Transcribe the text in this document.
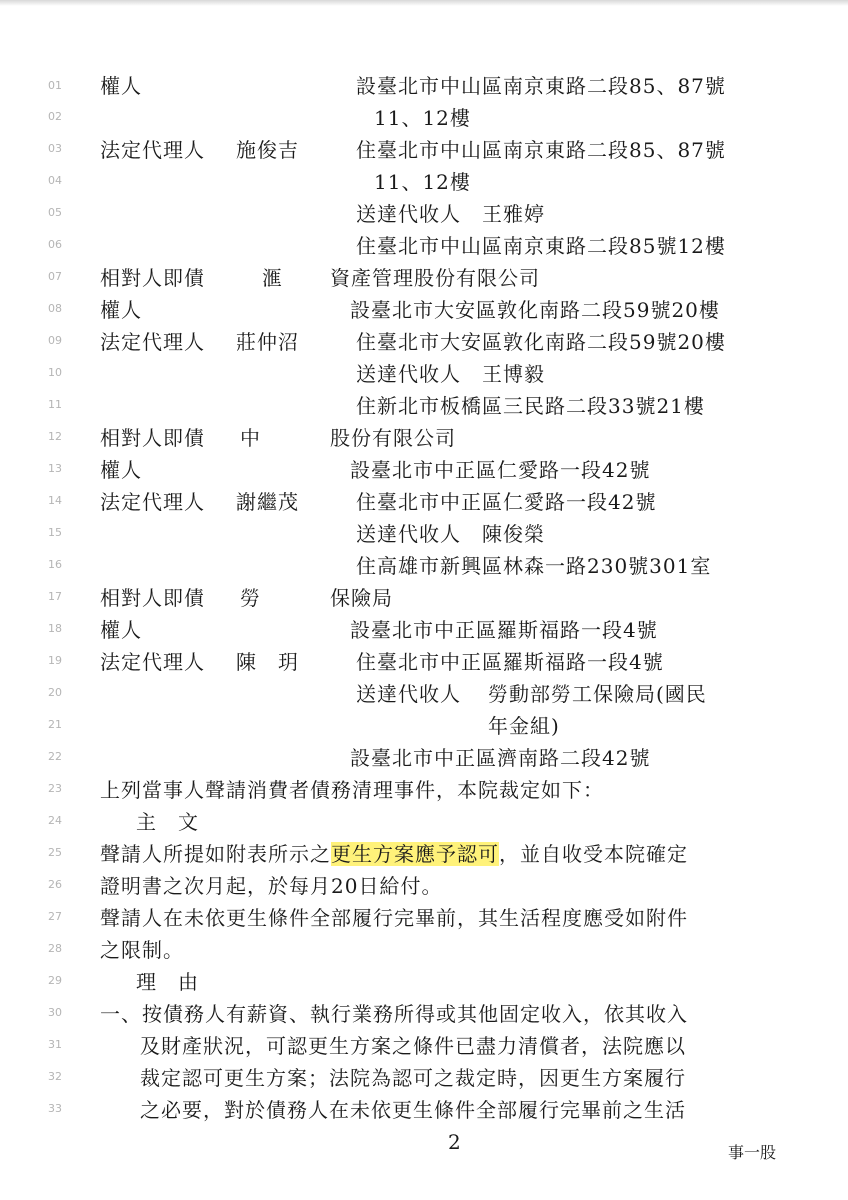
01
02
03
04
05
06
07
08
09
10
11
12
13
14
15
16
17
18
19
20
21
22
23
24
25
26
27
28
29
30
31
32
33
權人	設臺北市中山區南京東路二段85、87號
11、12樓
法定代理人 施俊吉	住臺北市中山區南京東路二段85、87號
11、12樓
送達代收人　王雅婷
住臺北市中山區南京東路二段85號12樓
相對人即債	滙 資產管理股份有限公司
權人	設臺北市大安區敦化南路二段59號20樓
法定代理人 莊仲沼	住臺北市大安區敦化南路二段59號20樓
送達代收人　王博毅
住新北市板橋區三民路二段33號21樓
相對人即債 中	股份有限公司
權人	設臺北市中正區仁愛路一段42號
法定代理人 謝繼茂	住臺北市中正區仁愛路一段42號
送達代收人　陳俊榮
住高雄市新興區林森一路230號301室
相對人即債 勞	保險局
權人	設臺北市中正區羅斯福路一段4號
法定代理人 陳　玥	住臺北市中正區羅斯福路一段4號
送達代收人 勞動部勞工保險局(國民
年金組)
設臺北市中正區濟南路二段42號
上列當事人聲請消費者債務清理事件，本院裁定如下：
主　文
聲請人所提如附表所示之更生方案應予認可，並自收受本院確定
證明書之次月起，於每月20日給付。
聲請人在未依更生條件全部履行完畢前，其生活程度應受如附件
之限制。
理　由
一、按債務人有薪資、執行業務所得或其他固定收入，依其收入
及財產狀況，可認更生方案之條件已盡力清償者，法院應以
裁定認可更生方案；法院為認可之裁定時，因更生方案履行
之必要，對於債務人在未依更生條件全部履行完畢前之生活
2	事一股
